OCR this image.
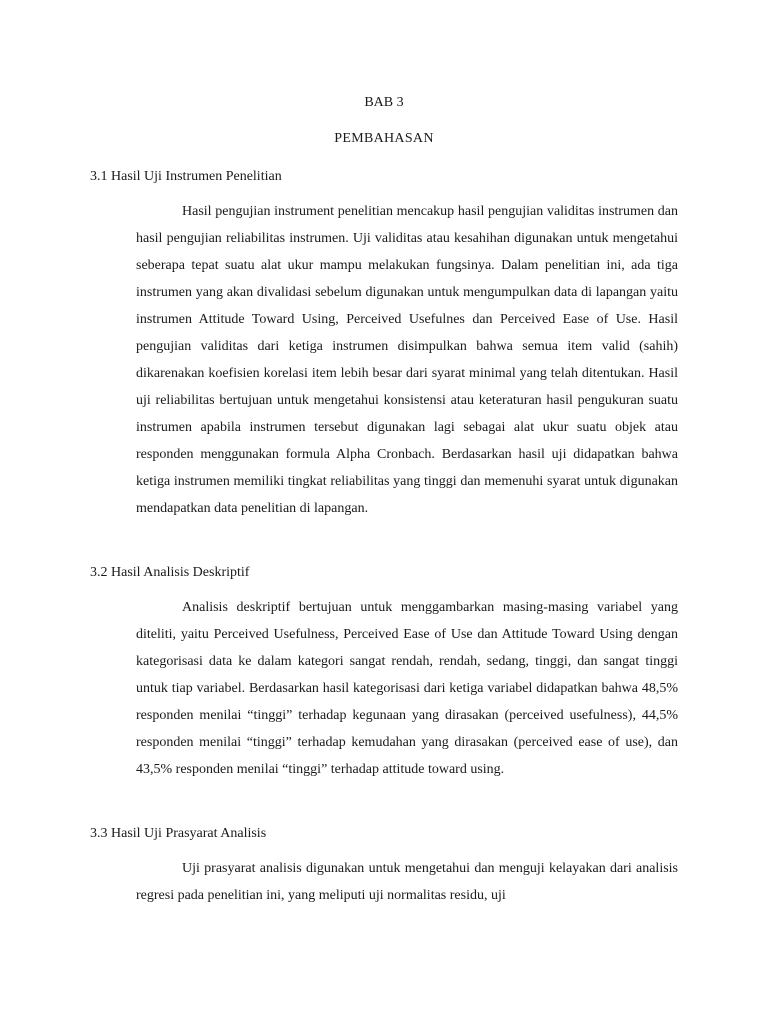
BAB 3
PEMBAHASAN
3.1 Hasil Uji Instrumen Penelitian

Hasil pengujian instrument penelitian mencakup hasil pengujian validitas instrumen dan hasil pengujian reliabilitas instrumen. Uji validitas atau kesahihan digunakan untuk mengetahui seberapa tepat suatu alat ukur mampu melakukan fungsinya. Dalam penelitian ini, ada tiga instrumen yang akan divalidasi sebelum digunakan untuk mengumpulkan data di lapangan yaitu instrumen Attitude Toward Using, Perceived Usefulnes dan Perceived Ease of Use. Hasil pengujian validitas dari ketiga instrumen disimpulkan bahwa semua item valid (sahih) dikarenakan koefisien korelasi item lebih besar dari syarat minimal yang telah ditentukan. Hasil uji reliabilitas bertujuan untuk mengetahui konsistensi atau keteraturan hasil pengukuran suatu instrumen apabila instrumen tersebut digunakan lagi sebagai alat ukur suatu objek atau responden menggunakan formula Alpha Cronbach. Berdasarkan hasil uji didapatkan bahwa ketiga instrumen memiliki tingkat reliabilitas yang tinggi dan memenuhi syarat untuk digunakan mendapatkan data penelitian di lapangan.

3.2 Hasil Analisis Deskriptif

Analisis deskriptif bertujuan untuk menggambarkan masing-masing variabel yang diteliti, yaitu Perceived Usefulness, Perceived Ease of Use dan Attitude Toward Using dengan kategorisasi data ke dalam kategori sangat rendah, rendah, sedang, tinggi, dan sangat tinggi untuk tiap variabel. Berdasarkan hasil kategorisasi dari ketiga variabel didapatkan bahwa 48,5% responden menilai “tinggi” terhadap kegunaan yang dirasakan (perceived usefulness), 44,5% responden menilai “tinggi” terhadap kemudahan yang dirasakan (perceived ease of use), dan 43,5% responden menilai “tinggi” terhadap attitude toward using.

3.3 Hasil Uji Prasyarat Analisis

Uji prasyarat analisis digunakan untuk mengetahui dan menguji kelayakan dari analisis regresi pada penelitian ini, yang meliputi uji normalitas residu, uji
